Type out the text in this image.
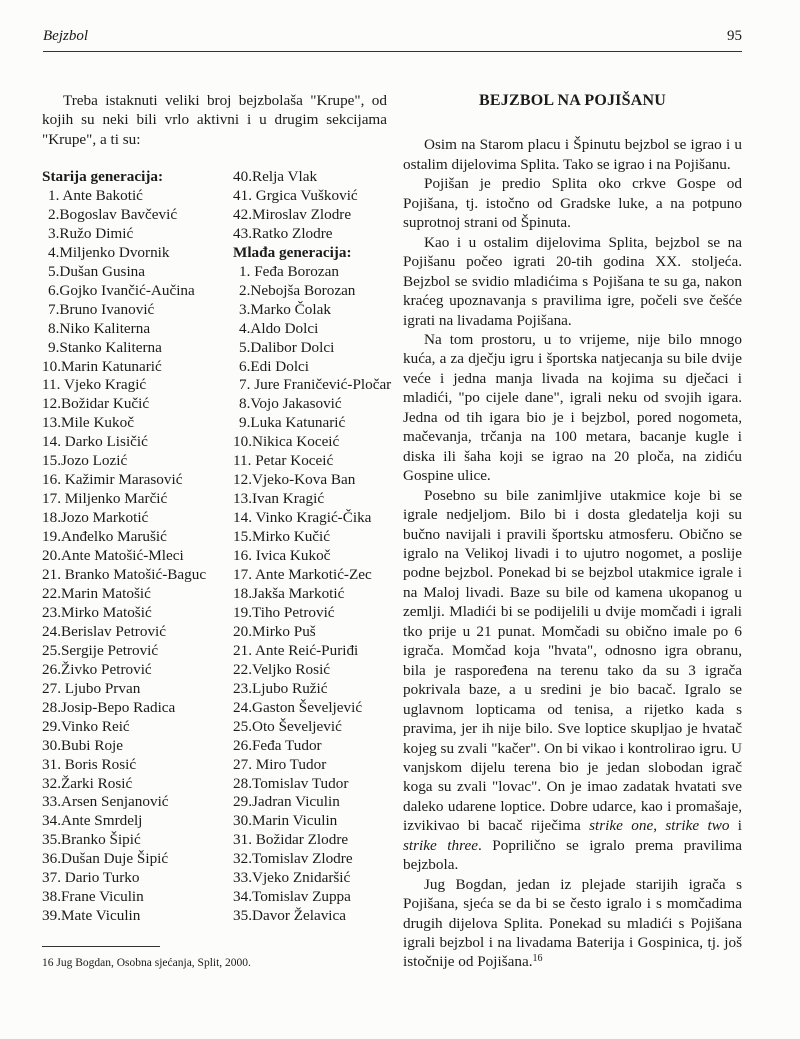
Bejzbol	95

Treba istaknuti veliki broj bejzbolaša "Krupe", od kojih su neki bili vrlo aktivni i u drugim sekcijama "Krupe", a ti su:

Starija generacija:
1. Ante Bakotić
2.Bogoslav Bavčević
3.Ružo Dimić
4.Miljenko Dvornik
5.Dušan Gusina
6.Gojko Ivančić-Aučina
7.Bruno Ivanović
8.Niko Kaliterna
9.Stanko Kaliterna
10.Marin Katunarić
11. Vjeko Kragić
12.Božidar Kučić
13.Mile Kukoč
14. Darko Lisičić
15.Jozo Lozić
16. Kažimir Marasović
17. Miljenko Marčić
18.Jozo Markotić
19.Anđelko Marušić
20.Ante Matošić-Mleci
21. Branko Matošić-Baguc
22.Marin Matošić
23.Mirko Matošić
24.Berislav Petrović
25.Sergije Petrović
26.Živko Petrović
27. Ljubo Prvan
28.Josip-Bepo Radica
29.Vinko Reić
30.Bubi Roje
31. Boris Rosić
32.Žarki Rosić
33.Arsen Senjanović
34.Ante Smrdelj
35.Branko Šipić
36.Dušan Duje Šipić
37. Dario Turko
38.Frane Viculin
39.Mate Viculin
40.Relja Vlak
41. Grgica Vušković
42.Miroslav Zlodre
43.Ratko Zlodre
Mlađa generacija:
1. Feđa Borozan
2.Nebojša Borozan
3.Marko Čolak
4.Aldo Dolci
5.Dalibor Dolci
6.Edi Dolci
7. Jure Franičević-Pločar
8.Vojo Jakasović
9.Luka Katunarić
10.Nikica Koceić
11. Petar Koceić
12.Vjeko-Kova Ban
13.Ivan Kragić
14. Vinko Kragić-Čika
15.Mirko Kučić
16. Ivica Kukoč
17. Ante Markotić-Zec
18.Jakša Markotić
19.Tiho Petrović
20.Mirko Puš
21. Ante Reić-Puriđi
22.Veljko Rosić
23.Ljubo Ružić
24.Gaston Ševeljević
25.Oto Ševeljević
26.Feđa Tudor
27. Miro Tudor
28.Tomislav Tudor
29.Jadran Viculin
30.Marin Viculin
31. Božidar Zlodre
32.Tomislav Zlodre
33.Vjeko Znidaršić
34.Tomislav Zuppa
35.Davor Želavica
BEJZBOL NA POJIŠANU

Osim na Starom placu i Špinutu bejzbol se igrao i u ostalim dijelovima Splita. Tako se igrao i na Pojišanu.

Pojišan je predio Splita oko crkve Gospe od Pojišana, tj. istočno od Gradske luke, a na potpuno suprotnoj strani od Špinuta.

Kao i u ostalim dijelovima Splita, bejzbol se na Pojišanu počeo igrati 20-tih godina XX. stoljeća. Bejzbol se svidio mladićima s Pojišana te su ga, nakon kraćeg upoznavanja s pravilima igre, počeli sve češće igrati na livadama Pojišana.

Na tom prostoru, u to vrijeme, nije bilo mnogo kuća, a za dječju igru i športska natjecanja su bile dvije veće i jedna manja livada na kojima su dječaci i mladići, "po cijele dane", igrali neku od svojih igara. Jedna od tih igara bio je i bejzbol, pored nogometa, mačevanja, trčanja na 100 metara, bacanje kugle i diska ili šaha koji se igrao na 20 ploča, na zidiću Gospine ulice.

Posebno su bile zanimljive utakmice koje bi se igrale nedjeljom. Bilo bi i dosta gledatelja koji su bučno navijali i pravili športsku atmosferu. Obično se igralo na Velikoj livadi i to ujutro nogomet, a poslije podne bejzbol. Ponekad bi se bejzbol utakmice igrale i na Maloj livadi. Baze su bile od kamena ukopanog u zemlji. Mladići bi se podijelili u dvije momčadi i igrali tko prije u 21 punat. Momčadi su obično imale po 6 igrača. Momčad koja "hvata", odnosno igra obranu, bila je raspoređena na terenu tako da su 3 igrača pokrivala baze, a u sredini je bio bacač. Igralo se uglavnom lopticama od tenisa, a rijetko kada s pravima, jer ih nije bilo. Sve loptice skupljao je hvatač kojeg su zvali "kačer". On bi vikao i kontrolirao igru. U vanjskom dijelu terena bio je jedan slobodan igrač koga su zvali "lovac". On je imao zadatak hvatati sve daleko udarene loptice. Dobre udarce, kao i promašaje, izvikivao bi bacač riječima strike one, strike two i strike three. Poprilično se igralo prema pravilima bejzbola.

Jug Bogdan, jedan iz plejade starijih igrača s Pojišana, sjeća se da bi se često igralo i s momčadima drugih dijelova Splita. Ponekad su mladići s Pojišana igrali bejzbol i na livadama Baterija i Gospinica, tj. još istočnije od Pojišana.$^{16}$

16 Jug Bogdan, Osobna sjećanja, Split, 2000.
